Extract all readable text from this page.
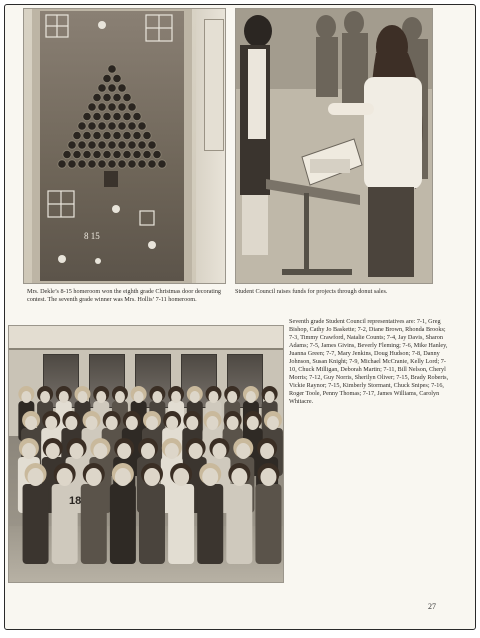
8 15
Mrs. Dekle’s 8-15 homeroom won the eighth grade Christmas door decorating contest. The seventh grade winner was Mrs. Hollis’ 7-11 homeroom.
Student Council raises funds for projects through donut sales.
18
Seventh grade Student Council representatives are: 7-1, Greg Bishop, Cathy Jo Baskette; 7-2, Diane Brown, Rhonda Brooks; 7-3, Timmy Crawford, Natalie Counts; 7-4, Jay Davis, Sharon Adams; 7-5, James Givins, Beverly Fleming; 7-6, Mike Hanley, Juanna Green; 7-7, Mary Jenkins, Doug Hudson; 7-8, Danny Johnson, Susan Knight; 7-9, Michael McCranie, Kelly Lord; 7-10, Chuck Milligan, Deborah Martin; 7-11, Bill Nelson, Cheryl Morris; 7-12, Guy Norris, Sherilyn Oliver; 7-15, Brady Roberts, Vickie Raynor; 7-15, Kimberly Stormant, Chuck Snipes; 7-16, Roger Toole, Penny Thomas; 7-17, James Williams, Carolyn Whitacre.
27
